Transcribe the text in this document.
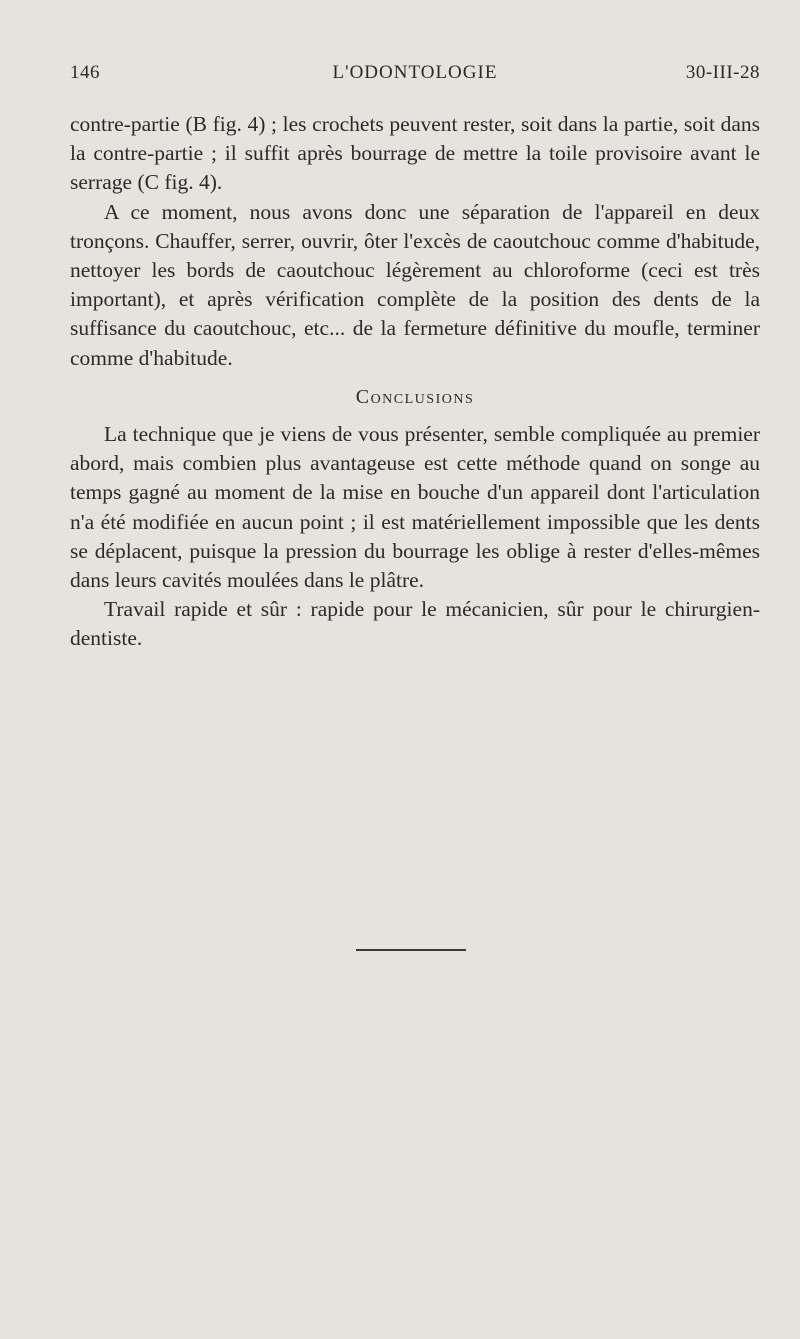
146	L'ODONTOLOGIE	30-III-28

contre-partie (B fig. 4) ; les crochets peuvent rester, soit dans la partie, soit dans la contre-partie ; il suffit après bourrage de mettre la toile provisoire avant le serrage (C fig. 4).

A ce moment, nous avons donc une séparation de l'appareil en deux tronçons. Chauffer, serrer, ouvrir, ôter l'excès de caoutchouc comme d'habitude, nettoyer les bords de caoutchouc légèrement au chloroforme (ceci est très important), et après vérification complète de la position des dents de la suffisance du caoutchouc, etc... de la fermeture définitive du moufle, terminer comme d'habitude.

Conclusions

La technique que je viens de vous présenter, semble compliquée au premier abord, mais combien plus avantageuse est cette méthode quand on songe au temps gagné au moment de la mise en bouche d'un appareil dont l'articulation n'a été modifiée en aucun point ; il est matériellement impossible que les dents se déplacent, puisque la pression du bourrage les oblige à rester d'elles-mêmes dans leurs cavités moulées dans le plâtre.

Travail rapide et sûr : rapide pour le mécanicien, sûr pour le chirurgien-dentiste.
